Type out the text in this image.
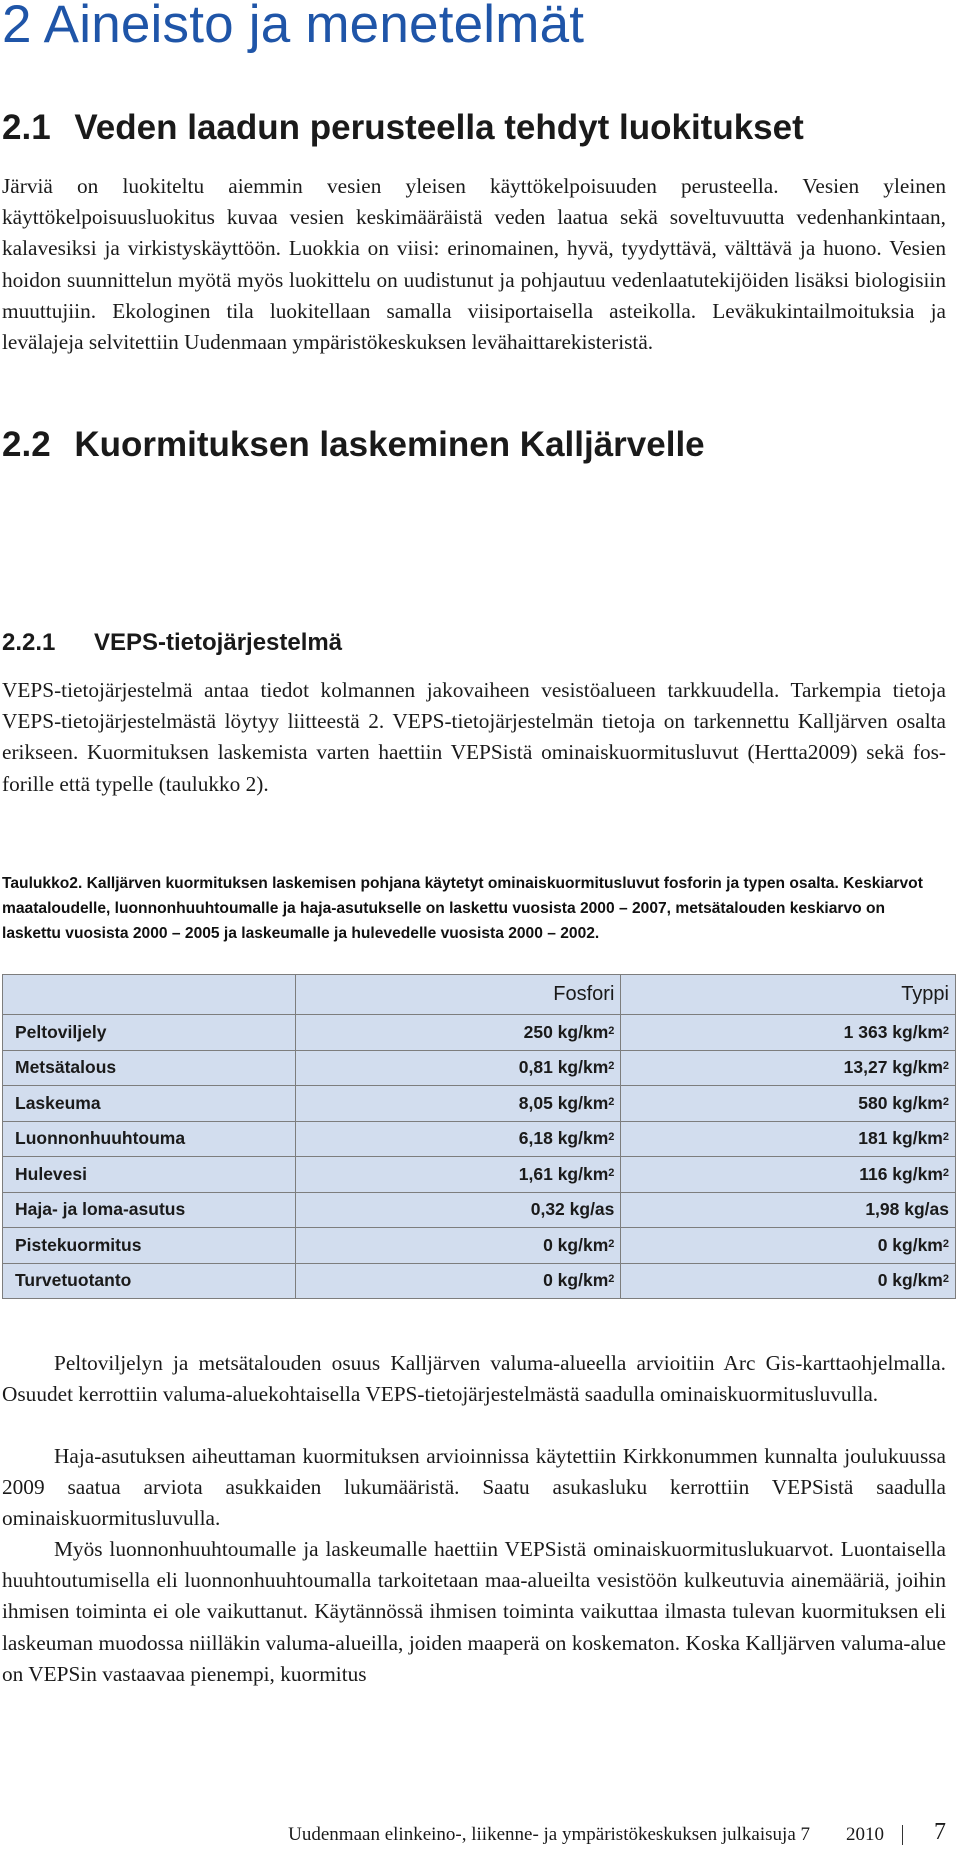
2 Aineisto ja menetelmät
2.1 Veden laadun perusteella tehdyt luokitukset

Järviä on luokiteltu aiemmin vesien yleisen käyttökelpoisuuden perusteella. Vesien yleinen käyttökelpoisuusluokitus kuvaa vesien keskimääräistä veden laatua sekä soveltuvuutta vedenhankintaan, kalavesiksi ja virkistyskäyttöön. Luokkia on viisi: erinomainen, hyvä, tyydyttävä, välttävä ja huono. Vesien hoidon suunnittelun myötä myös luokittelu on uudistunut ja pohjautuu vedenlaatutekijöiden lisäksi biologisiin muuttujiin. Ekologinen tila luokitellaan samalla viisiportaisella asteikolla. Leväkukintailmoituksia ja levälajeja selvitettiin Uudenmaan ympäristökeskuksen levähaittarekisteristä.

2.2 Kuormituksen laskeminen Kalljärvelle
2.2.1 VEPS-tietojärjestelmä

VEPS-tietojärjestelmä antaa tiedot kolmannen jakovaiheen vesistöalueen tarkkuudella. Tarkempia tietoja VEPS-tietojärjestelmästä löytyy liitteestä 2. VEPS-tietojärjestelmän tietoja on tarkennettu Kalljärven osalta erikseen. Kuormituksen laskemista varten haettiin VEPSistä ominaiskuormitusluvut (Hertta2009) sekä fosforille että typelle (taulukko 2).

Taulukko2. Kalljärven kuormituksen laskemisen pohjana käytetyt ominaiskuormitusluvut fosforin ja typen osalta. Keskiarvot maataloudelle, luonnonhuuhtoumalle ja haja-asutukselle on laskettu vuosista 2000 – 2007, metsätalouden keskiarvo on laskettu vuosista 2000 – 2005 ja laskeumalle ja hulevedelle vuosista 2000 – 2002.

	Fosfori	Typpi
Peltoviljely	250 $kg/km^2$	1 363 $kg/km^2$
Metsätalous	0,81 $kg/km^2$	13,27 $kg/km^2$
Laskeuma	8,05 $kg/km^2$	580 $kg/km^2$
Luonnonhuuhtouma	6,18 $kg/km^2$	181 $kg/km^2$
Hulevesi	1,61 $kg/km^2$	116 $kg/km^2$
Haja- ja loma-asutus	0,32 kg/as	1,98 kg/as
Pistekuormitus	0 $kg/km^2$	0 $kg/km^2$
Turvetuotanto	0 $kg/km^2$	0 $kg/km^2$

Peltoviljelyn ja metsätalouden osuus Kalljärven valuma-alueella arvioitiin Arc Gis-karttaohjelmalla. Osuudet kerrottiin valuma-aluekohtaisella VEPS-tietojärjestelmästä saadulla ominaiskuormitusluvulla.

Haja-asutuksen aiheuttaman kuormituksen arvioinnissa käytettiin Kirkkonummen kunnalta joulukuussa 2009 saatua arviota asukkaiden lukumääristä. Saatu asukasluku kerrottiin VEPSistä saadulla ominaiskuormitusluvulla.

Myös luonnonhuuhtoumalle ja laskeumalle haettiin VEPSistä ominaiskuormituslukuarvot. Luontaisella huuhtoutumisella eli luonnonhuuhtoumalla tarkoitetaan maa-alueilta vesistöön kulkeutuvia ainemääriä, joihin ihmisen toiminta ei ole vaikuttanut. Käytännössä ihmisen toiminta vaikuttaa ilmasta tulevan kuormituksen eli laskeuman muodossa niilläkin valuma-alueilla, joiden maaperä on koskematon. Koska Kalljärven valuma-alue on VEPSin vastaavaa pienempi, kuormitus

Uudenmaan elinkeino-, liikenne- ja ympäristökeskuksen julkaisuja 7 2010 7
